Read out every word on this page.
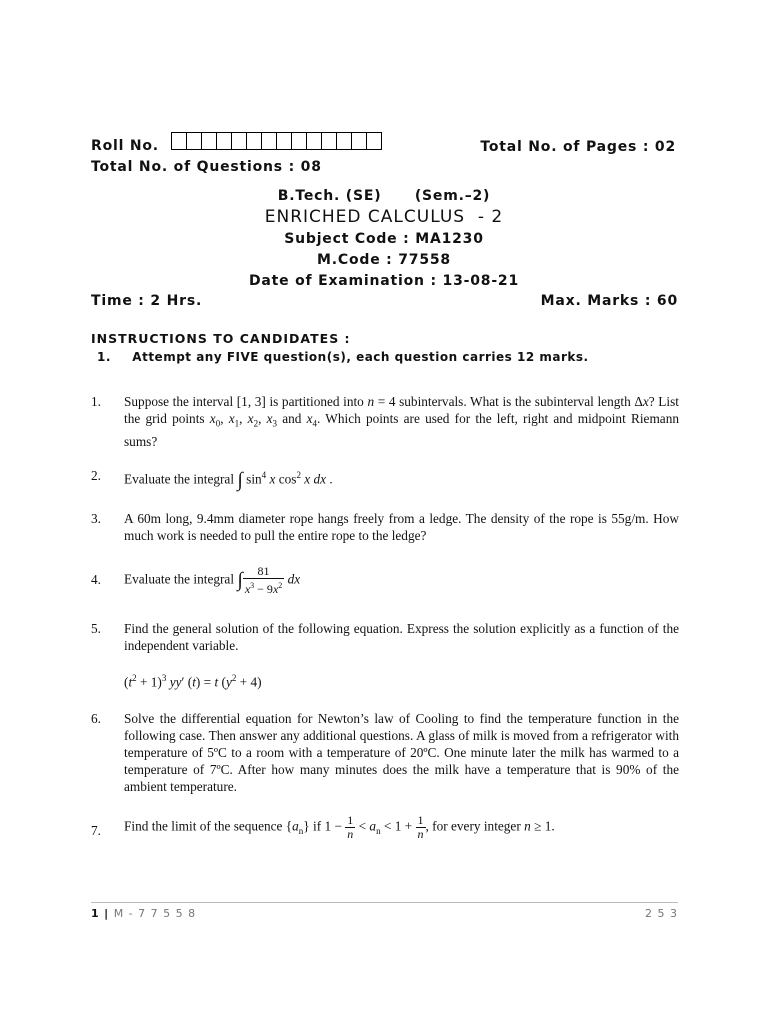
Roll No.	Total No. of Pages : 02
Total No. of Questions : 08
B.Tech. (SE) (Sem.–2)
ENRICHED CALCULUS  - 2
Subject Code : MA1230
M.Code : 77558
Date of Examination : 13-08-21
Time : 2 Hrs.	Max. Marks : 60
INSTRUCTIONS TO CANDIDATES :
1. Attempt any FIVE question(s), each question carries 12 marks.
1. Suppose the interval [1, 3] is partitioned into n = 4 subintervals. What is the subinterval length Δx? List the grid points $x_0$, $x_1$, $x_2$, $x_3$ and $x_4$. Which points are used for the left, right and midpoint Riemann sums?
2. Evaluate the integral ∫ $\sin^4 x$ $\cos^2 x$ dx .
3. A 60m long, 9.4mm diameter rope hangs freely from a ledge. The density of the rope is 55g/m. How much work is needed to pull the entire rope to the ledge?
4. Evaluate the integral ∫ $\frac{81}{x^3 - 9x^2}$ dx
5. Find the general solution of the following equation. Express the solution explicitly as a function of the independent variable.
$(t^2 + 1)^3$ yy′ (t) = t $(y^2 + 4)$
6. Solve the differential equation for Newton’s law of Cooling to find the temperature function in the following case. Then answer any additional questions. A glass of milk is moved from a refrigerator with temperature of 5ºC to a room with a temperature of 20ºC. One minute later the milk has warmed to a temperature of 7ºC. After how many minutes does the milk have a temperature that is 90% of the ambient temperature.
7. Find the limit of the sequence $\{a_n\}$ if $1 - \frac{1}{n} < a_n < 1 + \frac{1}{n}$ , for every integer n ≥ 1.
1 | M - 7 7 5 5 8	2 5 3
